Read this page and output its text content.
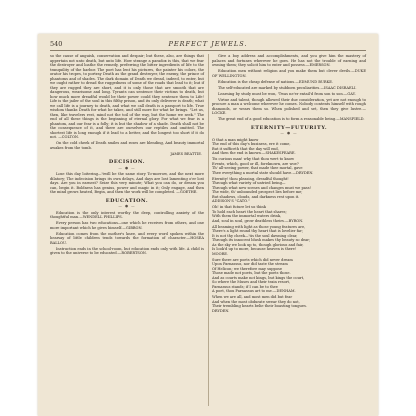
540	PERFECT JEWELS.

so the cause of anguish, conservation and despair; but these, also, are things that appertain not unto death, but unto life. How strange a paradox is this, that we fear the destroyer and loathe the remedy, preferring the bitter ingredients of life to the tranquility of the harbor. The poet has lent his pictures, the painter his colors, the orator his tropes, to portray Death as the grand destroyer, the enemy, the prince of phantoms and of shades. The dark domain of Death we dread, indeed, to enter, but we ought rather to dread the ruggedness of some of the roads that lead to it; but if they are rugged they are short, and it is only those that are smooth that are dangerous, wearisome and long. Tyrants can sentence their victims to death, but how much more dreadful would be their power could they sentence them to Life! Life is the jailer of the soul in this filthy prison, and its only deliverer is death; what we call life is a journey to death, and what we call death is a passport to life. True wisdom thanks Death for what he takes, and still more for what he brings. "Let us, then, like travelers rest, mind not the toil of the way, but the home we seek." The end of all these things is the beginning of eternal glory. For what we fear is a phantom, and our fear is a folly; it is but the shadow of a shade. Death shall not be the consequence of it, and there are ourselves our reptiles and omitted. The shortest life is long enough if it lead to a better, and the longest too short if it do not. —COLTON.

On the cold cheek of Death smiles and roses are blending, And beauty immortal awakes from the tomb.

JAMES BEATTIE.
DECISION.
— ● —

Lose this day loitering—'twill be the same story To-morrow, and the next more dilatory; The indecision brings its own delays, And days are lost lamenting o'er lost days. Are you in earnest? Seize this very minute; What you can do, or dream you can, begin it. Boldness has genius, power and magic in it; Only engage, and then the mind grows heated, Begin, and then the work will be completed. —GOETHE.

EDUCATION.
— ● —

Education is the only interest worthy the deep, controlling anxiety of the thoughtful man.—WENDELL PHILLIPS.

Every person has two educations—one which he receives from others, and one more important which he gives himself.—GIBBON.

Education comes from the mother's knee, and every word spoken within the hearsay of little children tends towards the formation of character.—HOSEA BALLOU.

Instruction ends in the school-room, but education ends only with life. A child is given to the universe to be educated.—ROBERTSON.

Give a boy address and accomplishments, and you give him the mastery of palaces and fortunes wherever he goes. He has not the trouble of earning and owning them; they solicit him to enter and possess.—EMERSON.

Education men without religion and you make them but clever devils.—DUKE OF WELLINGTON.

Education is the cheap defense of nations.—EDMUND BURKE.

The self-educated are marked by stubborn peculiarities.—ISAAC DISRAELI.

Learning by study must be won, 'Twas ne'er entail'd from son to son.—GAY.

Virtue and talent, though allowed their due consideration, yet are not enough to procure a man a welcome wherever he comes. Nobody contents himself with rough diamonds, or wears them so. When polished and set, then they give lustre.—LOCKE.

The great end of a good education is to form a reasonable being.—MANSFIELD.

ETERNITY—FUTURITY.
— ● —

O that a man might know

The end of this day's business, ere it come,

But it sufficeth that the day will end,

And then the end is known.—SHAKESPEARE.

Tis curious man! why that thou wert to know

Events, which, good or ill, foreknown, are woe?

Th' all-seeing power, that made thee mortal, gave

Thee everything a mortal state should have.—DRYDEN.

Eternity! thou pleasing, dreadful thought!

Through what variety of untried being—

Through what new scenes and changes must we pass!

The wide, th' unbounded prospect lies before me;

But shadows, clouds, and darkness rest upon it.

ADDISON'S "CATO."

Oh! in that future let us think

To hold each heart the heart that shares;

With them the immortal waters drink,

And, soul in soul, grow deathless theirs.—BYRON.

All beaming with light as those young features are,

There's a light round thy heart that is lovelier far;

It is not thy cheek—'tis the soul dawning clear,

Through its innocent blush makes thy beauty so dear;

As the sky we look up to, though glorious and fair,

Is look'd up to more, because heaven is there!

MOORE.

Sure there are poets which did never dream

Upon Parnassus, nor did taste the stream

Of Helicon; we therefore may suppose

Those made not poets, but the poets those.

And as courts make not kings, but kings the court,

So where the Muses and their train resort,

Parnassus stands; if I can be to thee

A poet, thou Parnassus art to me.—DENHAM.

When we are all, and most men did but fear

And when the most obdurate swear they do not,

Their trembling hearts belie their boasting tongues.

DRYDEN.
